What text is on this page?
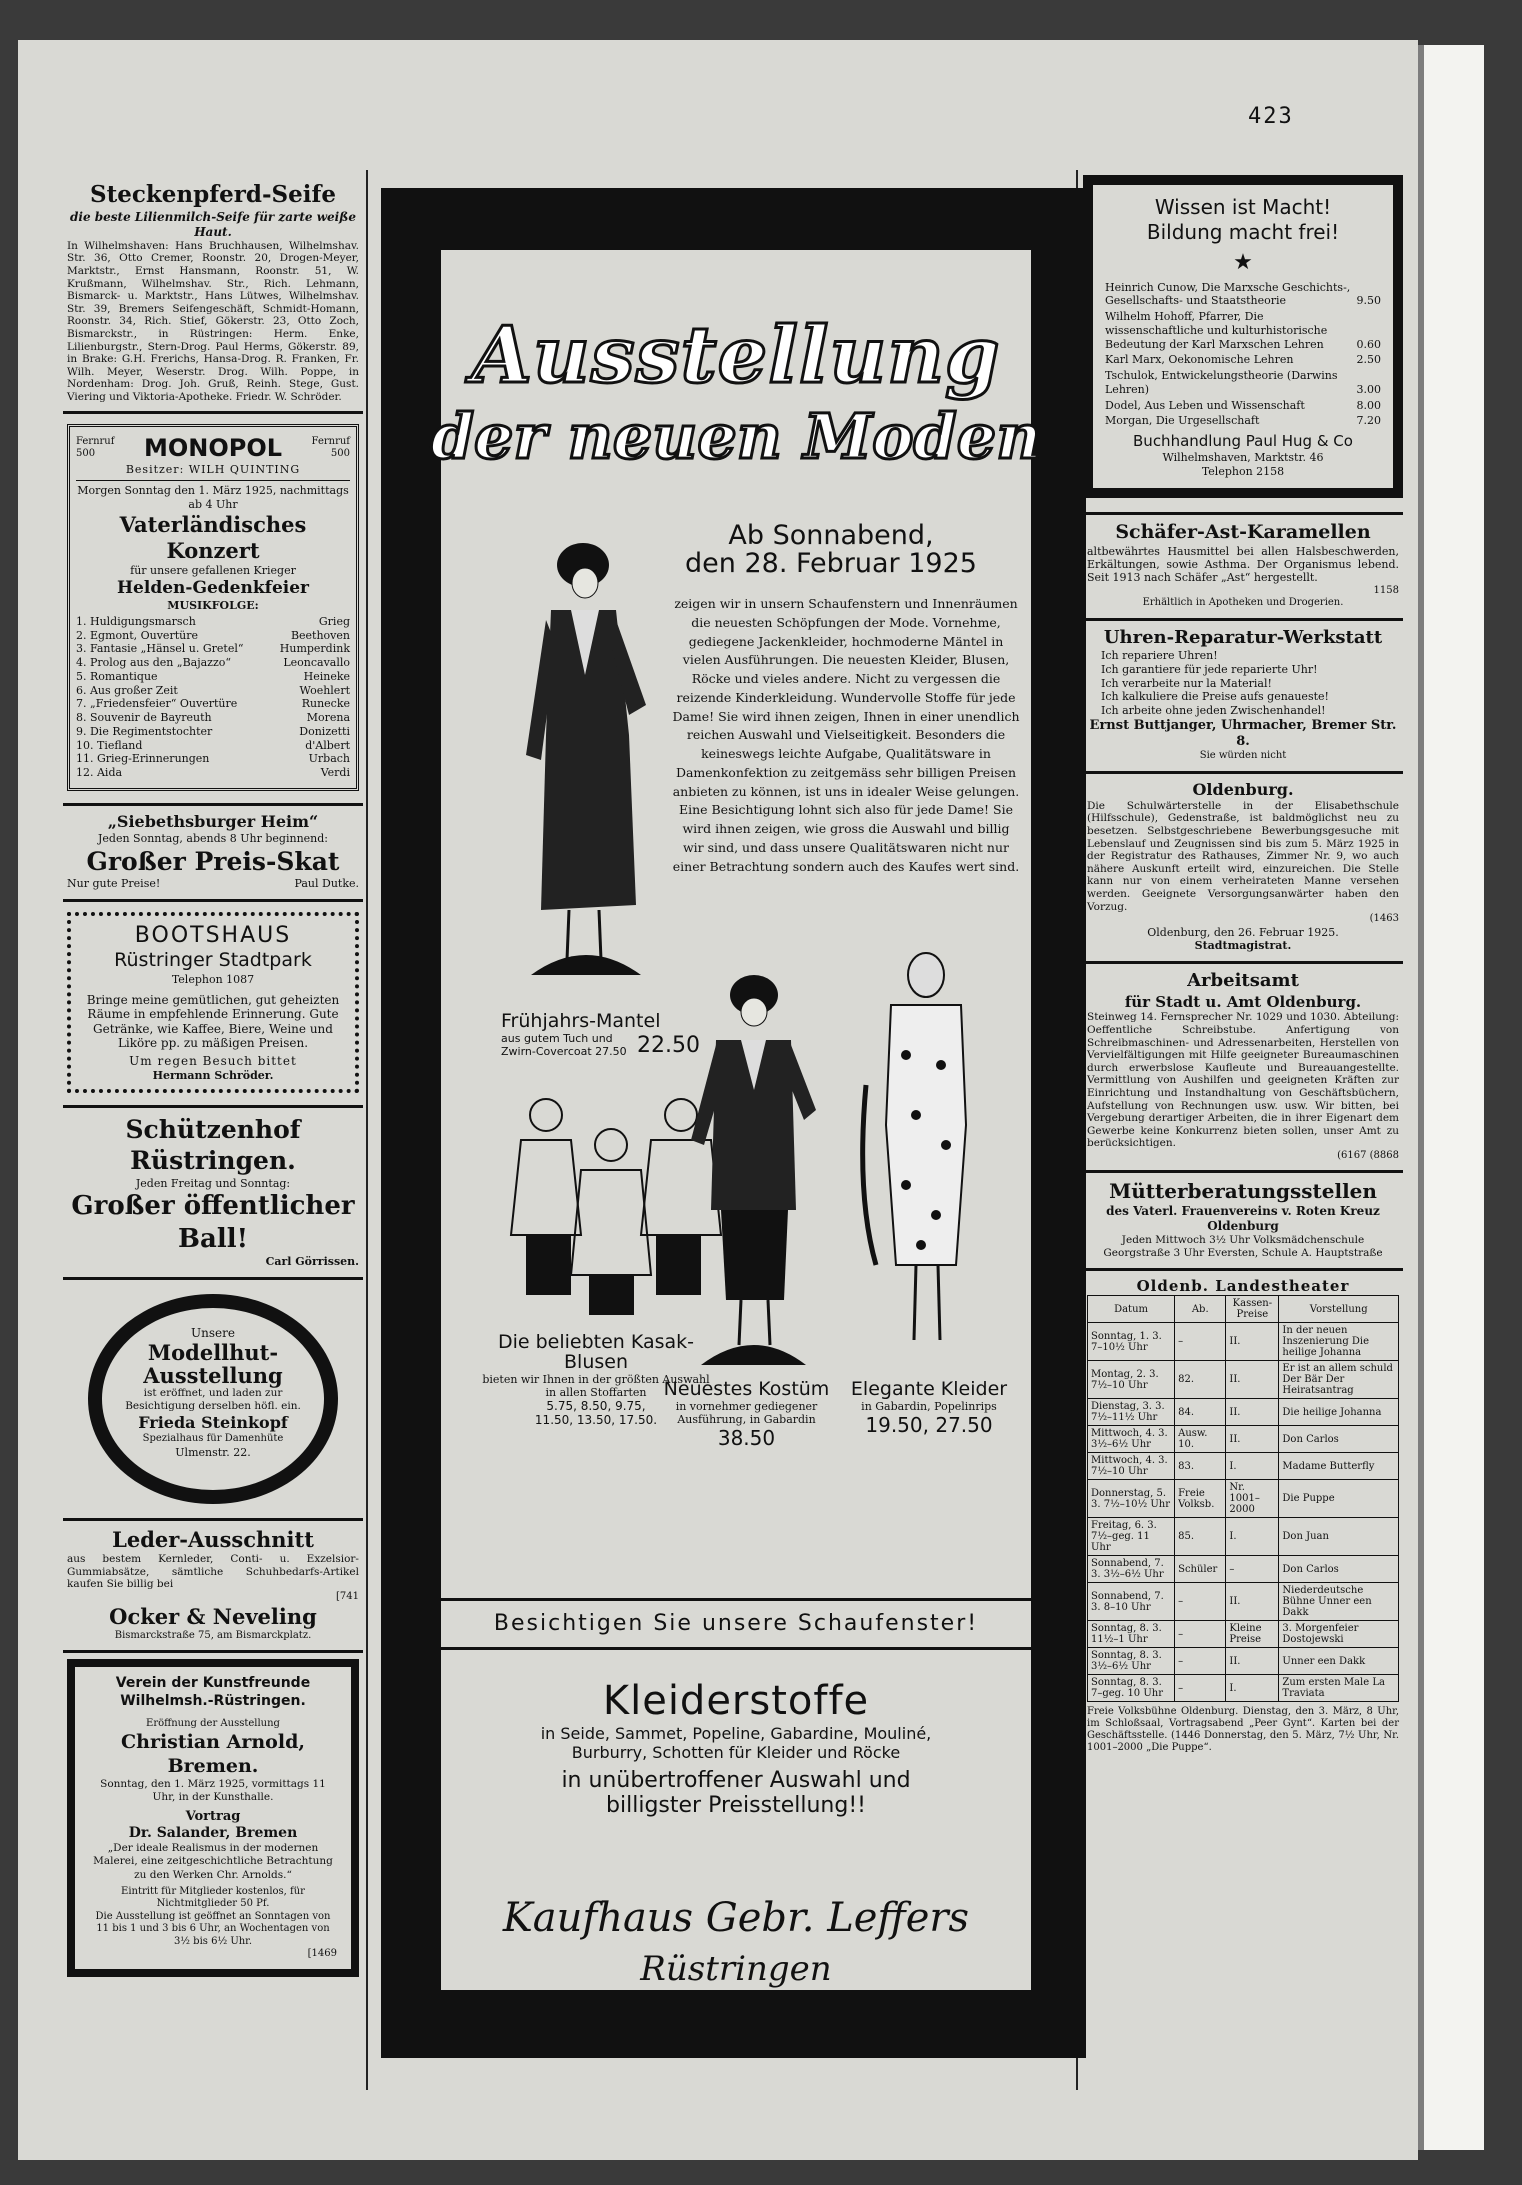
423
Steckenpferd-Seife
die beste Lilienmilch-Seife für zarte weiße Haut.
In Wilhelmshaven: Hans Bruchhausen, Wilhelmshav. Str. 36, Otto Cremer, Roonstr. 20, Drogen-Meyer, Marktstr., Ernst Hansmann, Roonstr. 51, W. Krußmann, Wilhelmshav. Str., Rich. Lehmann, Bismarck- u. Marktstr., Hans Lütwes, Wilhelmshav. Str. 39, Bremers Seifengeschäft, Schmidt-Homann, Roonstr. 34, Rich. Stief, Gökerstr. 23, Otto Zoch, Bismarckstr., in Rüstringen: Herm. Enke, Lilienburgstr., Stern-Drog. Paul Herms, Gökerstr. 89, in Brake: G.H. Frerichs, Hansa-Drog. R. Franken, Fr. Wilh. Meyer, Weserstr. Drog. Wilh. Poppe, in Nordenham: Drog. Joh. Gruß, Reinh. Stege, Gust. Viering und Viktoria-Apotheke. Friedr. W. Schröder.
Fernruf 500	MONOPOL	Fernruf 500
Besitzer: WILH QUINTING
Morgen Sonntag den 1. März 1925, nachmittags ab 4 Uhr
Vaterländisches Konzert
für unsere gefallenen Krieger
Helden-Gedenkfeier
MUSIKFOLGE:
1. Huldigungsmarsch	Grieg
2. Egmont, Ouvertüre	Beethoven
3. Fantasie „Hänsel u. Gretel“	Humperdink
4. Prolog aus den „Bajazzo“	Leoncavallo
5. Romantique	Heineke
6. Aus großer Zeit	Woehlert
7. „Friedensfeier“ Ouvertüre	Runecke
8. Souvenir de Bayreuth	Morena
9. Die Regimentstochter	Donizetti
10. Tiefland	d'Albert
11. Grieg-Erinnerungen	Urbach
12. Aida	Verdi
„Siebethsburger Heim“
Jeden Sonntag, abends 8 Uhr beginnend:
Großer Preis-Skat
Nur gute Preise!	Paul Dutke.
BOOTSHAUS
Rüstringer Stadtpark
Telephon 1087
Bringe meine gemütlichen, gut geheizten Räume in empfehlende Erinnerung. Gute Getränke, wie Kaffee, Biere, Weine und Liköre pp. zu mäßigen Preisen.
Um regen Besuch bittet
Hermann Schröder.
Schützenhof Rüstringen.
Jeden Freitag und Sonntag:
Großer öffentlicher Ball!
Carl Görrissen.
Unsere
Modellhut-Ausstellung
ist eröffnet, und laden zur Besichtigung derselben höfl. ein.
Frieda Steinkopf
Spezialhaus für Damenhüte
Ulmenstr. 22.
Leder-Ausschnitt
aus bestem Kernleder, Conti- u. Exzelsior-Gummiabsätze, sämtliche Schuhbedarfs-Artikel kaufen Sie billig bei
[741
Ocker & Neveling
Bismarckstraße 75, am Bismarckplatz.
Verein der Kunstfreunde Wilhelmsh.-Rüstringen.
Eröffnung der Ausstellung
Christian Arnold, Bremen.
Sonntag, den 1. März 1925, vormittags 11 Uhr, in der Kunsthalle.
Vortrag
Dr. Salander, Bremen
„Der ideale Realismus in der modernen Malerei, eine zeitgeschichtliche Betrachtung zu den Werken Chr. Arnolds.“
Eintritt für Mitglieder kostenlos, für Nichtmitglieder 50 Pf.
Die Ausstellung ist geöffnet an Sonntagen von 11 bis 1 und 3 bis 6 Uhr, an Wochentagen von 3½ bis 6½ Uhr.
[1469
Ausstellung
der neuen Moden
Ab Sonnabend,
den 28. Februar 1925
zeigen wir in unsern Schaufenstern und Innenräumen die neuesten Schöpfungen der Mode. Vornehme, gediegene Jackenkleider, hochmoderne Mäntel in vielen Ausführungen. Die neuesten Kleider, Blusen, Röcke und vieles andere. Nicht zu vergessen die reizende Kinderkleidung. Wundervolle Stoffe für jede Dame! Sie wird ihnen zeigen, Ihnen in einer unendlich reichen Auswahl und Vielseitigkeit. Besonders die keineswegs leichte Aufgabe, Qualitätsware in Damenkonfektion zu zeitgemäss sehr billigen Preisen anbieten zu können, ist uns in idealer Weise gelungen. Eine Besichtigung lohnt sich also für jede Dame! Sie wird ihnen zeigen, wie gross die Auswahl und billig wir sind, und dass unsere Qualitätswaren nicht nur einer Betrachtung sondern auch des Kaufes wert sind.
Frühjahrs-Mantel
aus gutem Tuch und Zwirn-Covercoat 27.50 22.50
Die beliebten Kasak-Blusen
bieten wir Ihnen in der größten Auswahl in allen Stoffarten
5.75, 8.50, 9.75,
11.50, 13.50, 17.50.
Neuestes Kostüm
in vornehmer gediegener Ausführung, in Gabardin
38.50
Elegante Kleider
in Gabardin, Popelinrips
19.50, 27.50
Besichtigen Sie unsere Schaufenster!
Kleiderstoffe
in Seide, Sammet, Popeline, Gabardine, Mouliné,
Burburry, Schotten für Kleider und Röcke
in unübertroffener Auswahl und
billigster Preisstellung!!
Kaufhaus Gebr. Leffers
Rüstringen
Wissen ist Macht!
Bildung macht frei!
★
Heinrich Cunow, Die Marxsche Geschichts-, Gesellschafts- und Staatstheorie	9.50
Wilhelm Hohoff, Pfarrer, Die wissenschaftliche und kulturhistorische Bedeutung der Karl Marxschen Lehren	0.60
Karl Marx, Oekonomische Lehren	2.50
Tschulok, Entwickelungstheorie (Darwins Lehren)	3.00
Dodel, Aus Leben und Wissenschaft	8.00
Morgan, Die Urgesellschaft	7.20
Buchhandlung Paul Hug & Co
Wilhelmshaven, Marktstr. 46
Telephon 2158
Schäfer-Ast-Karamellen
altbewährtes Hausmittel bei allen Halsbeschwerden, Erkältungen, sowie Asthma. Der Organismus lebend. Seit 1913 nach Schäfer „Ast“ hergestellt.
1158
Erhältlich in Apotheken und Drogerien.
Uhren-Reparatur-Werkstatt
Ich repariere Uhren!
Ich garantiere für jede reparierte Uhr!
Ich verarbeite nur la Material!
Ich kalkuliere die Preise aufs genaueste!
Ich arbeite ohne jeden Zwischenhandel!
Ernst Buttjanger, Uhrmacher, Bremer Str. 8.
Sie würden nicht
Oldenburg.
Die Schulwärterstelle in der Elisabethschule (Hilfsschule), Gedenstraße, ist baldmöglichst neu zu besetzen. Selbstgeschriebene Bewerbungsgesuche mit Lebenslauf und Zeugnissen sind bis zum 5. März 1925 in der Registratur des Rathauses, Zimmer Nr. 9, wo auch nähere Auskunft erteilt wird, einzureichen. Die Stelle kann nur von einem verheirateten Manne versehen werden. Geeignete Versorgungsanwärter haben den Vorzug.
(1463
Oldenburg, den 26. Februar 1925.
Stadtmagistrat.
Arbeitsamt
für Stadt u. Amt Oldenburg.
Steinweg 14. Fernsprecher Nr. 1029 und 1030. Abteilung: Oeffentliche Schreibstube. Anfertigung von Schreibmaschinen- und Adressenarbeiten, Herstellen von Vervielfältigungen mit Hilfe geeigneter Bureaumaschinen durch erwerbslose Kaufleute und Bureauangestellte. Vermittlung von Aushilfen und geeigneten Kräften zur Einrichtung und Instandhaltung von Geschäftsbüchern, Aufstellung von Rechnungen usw. usw. Wir bitten, bei Vergebung derartiger Arbeiten, die in ihrer Eigenart dem Gewerbe keine Konkurrenz bieten sollen, unser Amt zu berücksichtigen.
(6167 (8868
Mütterberatungsstellen
des Vaterl. Frauenvereins v. Roten Kreuz Oldenburg
Jeden Mittwoch 3½ Uhr Volksmädchenschule Georgstraße 3 Uhr Eversten, Schule A. Hauptstraße
Oldenb. Landestheater
Datum	Ab.	Kassen-Preise	Vorstellung
Sonntag, 1. 3. 7–10½ Uhr	–	II.	In der neuen Inszenierung Die heilige Johanna
Montag, 2. 3. 7½–10 Uhr	82.	II.	Er ist an allem schuld Der Bär Der Heiratsantrag
Dienstag, 3. 3. 7½–11½ Uhr	84.	II.	Die heilige Johanna
Mittwoch, 4. 3. 3½–6½ Uhr	Ausw. 10.	II.	Don Carlos
Mittwoch, 4. 3. 7½–10 Uhr	83.	I.	Madame Butterfly
Donnerstag, 5. 3. 7½–10½ Uhr	Freie Volksb.	Nr. 1001–2000	Die Puppe
Freitag, 6. 3. 7½–geg. 11 Uhr	85.	I.	Don Juan
Sonnabend, 7. 3. 3½–6½ Uhr	Schüler	–	Don Carlos
Sonnabend, 7. 3. 8–10 Uhr	–	II.	Niederdeutsche Bühne Unner een Dakk
Sonntag, 8. 3. 11½–1 Uhr	–	Kleine Preise	3. Morgenfeier Dostojewski
Sonntag, 8. 3. 3½–6½ Uhr	–	II.	Unner een Dakk
Sonntag, 8. 3. 7–geg. 10 Uhr	–	I.	Zum ersten Male La Traviata
Freie Volksbühne Oldenburg. Dienstag, den 3. März, 8 Uhr, im Schloßsaal, Vortragsabend „Peer Gynt“. Karten bei der Geschäftsstelle. (1446 Donnerstag, den 5. März, 7½ Uhr, Nr. 1001–2000 „Die Puppe“.
